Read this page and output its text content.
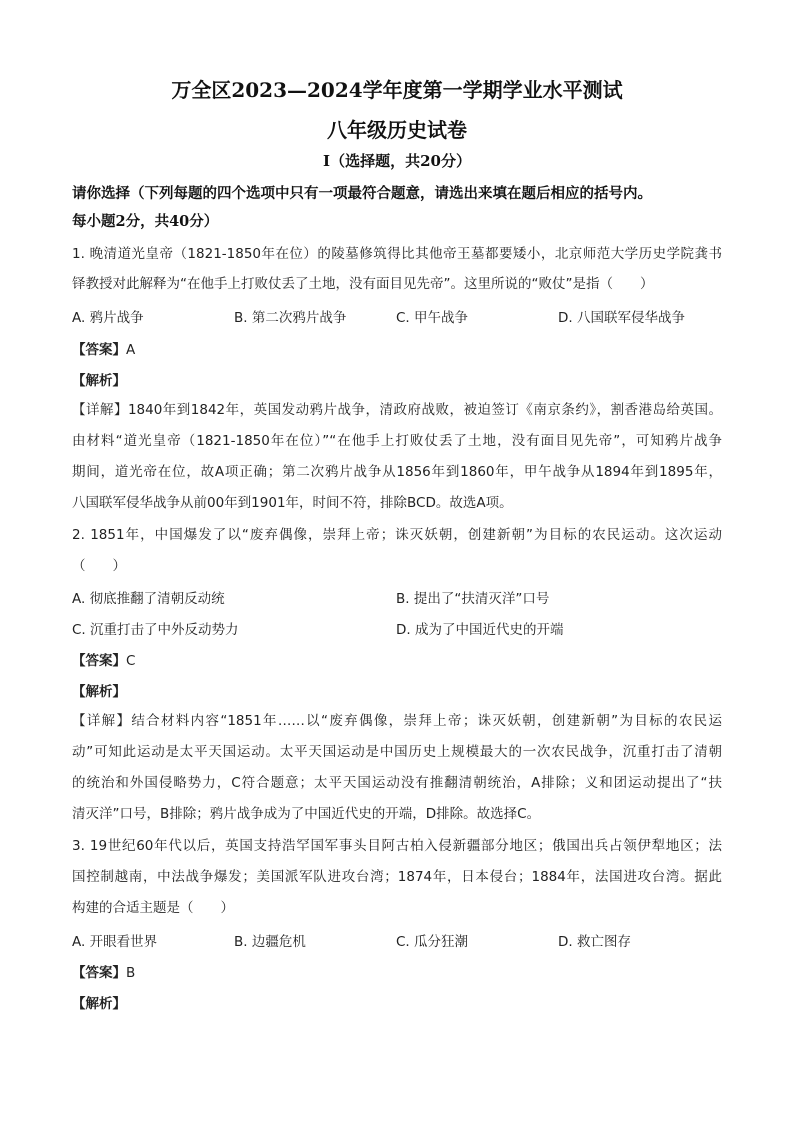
万全区2023—2024学年度第一学期学业水平测试
八年级历史试卷
Ⅰ（选择题，共20分）
请你选择（下列每题的四个选项中只有一项最符合题意，请选出来填在题后相应的括号内。
每小题2分，共40分）
1. 晚清道光皇帝（1821-1850年在位）的陵墓修筑得比其他帝王墓都要矮小，北京师范大学历史学院龚书
铎教授对此解释为“在他手上打败仗丢了土地，没有面目见先帝”。这里所说的“败仗”是指（　　）
A. 鸦片战争	B. 第二次鸦片战争	C. 甲午战争	D. 八国联军侵华战争
【答案】A
【解析】
【详解】1840年到1842年，英国发动鸦片战争，清政府战败，被迫签订《南京条约》，割香港岛给英国。
由材料“道光皇帝（1821-1850年在位）”“在他手上打败仗丢了土地，没有面目见先帝”，可知鸦片战争
期间，道光帝在位，故A项正确；第二次鸦片战争从1856年到1860年，甲午战争从1894年到1895年，
八国联军侵华战争从前00年到1901年，时间不符，排除BCD。故选A项。
2. 1851年，中国爆发了以“废弃偶像，崇拜上帝；诛灭妖朝，创建新朝”为目标的农民运动。这次运动
（　　）
A. 彻底推翻了清朝反动统	B. 提出了“扶清灭洋”口号
C. 沉重打击了中外反动势力	D. 成为了中国近代史的开端
【答案】C
【解析】
【详解】结合材料内容“1851年……以“废弃偶像，崇拜上帝；诛灭妖朝，创建新朝”为目标的农民运
动”可知此运动是太平天国运动。太平天国运动是中国历史上规模最大的一次农民战争，沉重打击了清朝
的统治和外国侵略势力，C符合题意；太平天国运动没有推翻清朝统治，A排除；义和团运动提出了“扶
清灭洋”口号，B排除；鸦片战争成为了中国近代史的开端，D排除。故选择C。
3. 19世纪60年代以后，英国支持浩罕国军事头目阿古柏入侵新疆部分地区；俄国出兵占领伊犁地区；法
国控制越南，中法战争爆发；美国派军队进攻台湾；1874年，日本侵台；1884年，法国进攻台湾。据此
构建的合适主题是（　　）
A. 开眼看世界	B. 边疆危机	C. 瓜分狂潮	D. 救亡图存
【答案】B
【解析】
